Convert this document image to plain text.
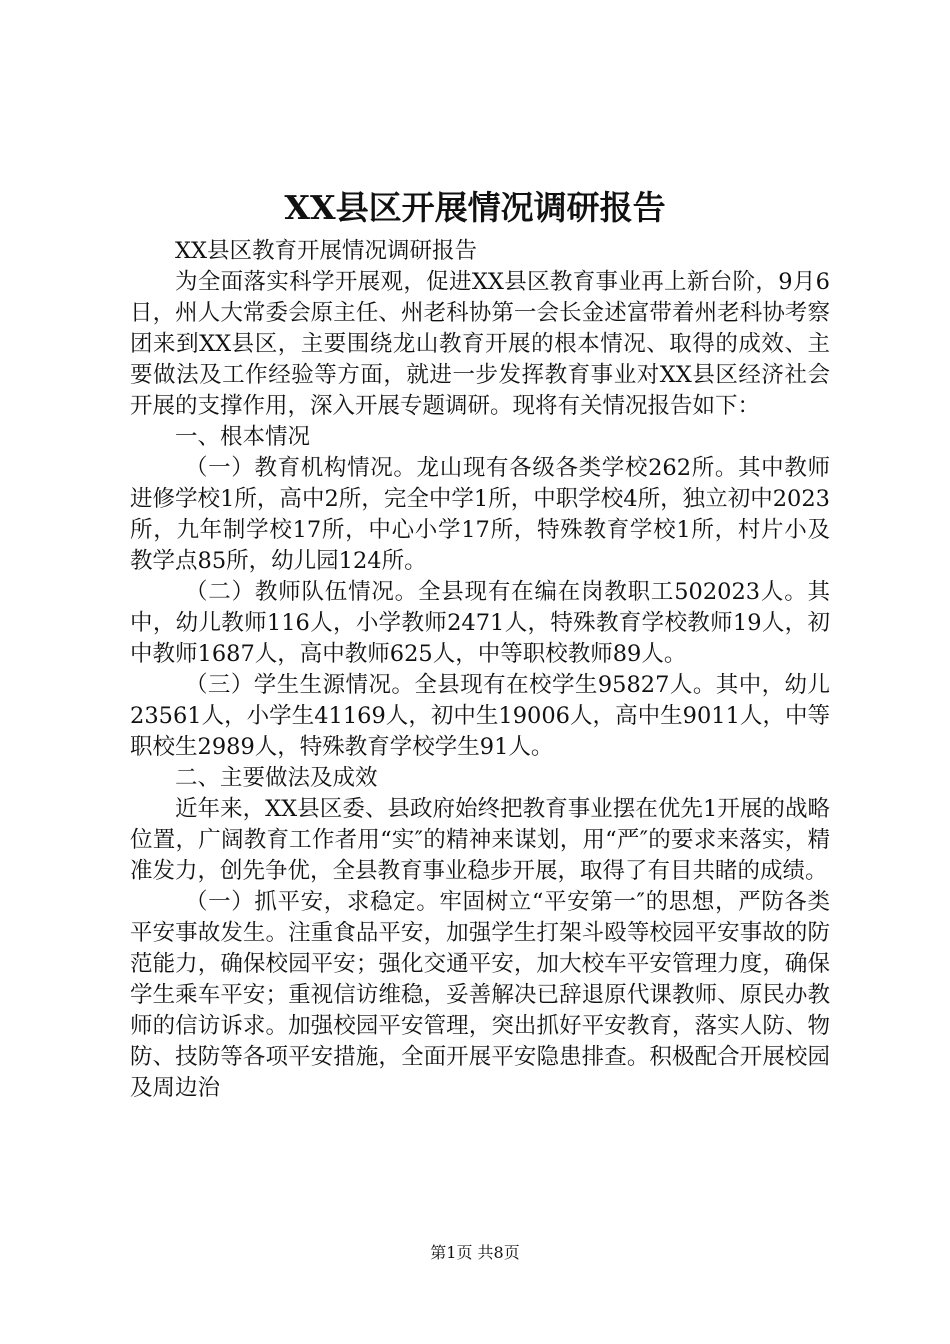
XX县区开展情况调研报告

XX县区教育开展情况调研报告

为全面落实科学开展观，促进XX县区教育事业再上新台阶，9月6日，州人大常委会原主任、州老科协第一会长金述富带着州老科协考察团来到XX县区，主要围绕龙山教育开展的根本情况、取得的成效、主要做法及工作经验等方面，就进一步发挥教育事业对XX县区经济社会开展的支撑作用，深入开展专题调研。现将有关情况报告如下：

一、根本情况

（一）教育机构情况。龙山现有各级各类学校262所。其中教师进修学校1所，高中2所，完全中学1所，中职学校4所，独立初中2023所，九年制学校17所，中心小学17所，特殊教育学校1所，村片小及教学点85所，幼儿园124所。

（二）教师队伍情况。全县现有在编在岗教职工502023人。其中，幼儿教师116人，小学教师2471人，特殊教育学校教师19人，初中教师1687人，高中教师625人，中等职校教师89人。

（三）学生生源情况。全县现有在校学生95827人。其中，幼儿23561人，小学生41169人，初中生19006人，高中生9011人，中等职校生2989人，特殊教育学校学生91人。

二、主要做法及成效

近年来，XX县区委、县政府始终把教育事业摆在优先1开展的战略位置，广阔教育工作者用“实″的精神来谋划，用“严″的要求来落实，精准发力，创先争优，全县教育事业稳步开展，取得了有目共睹的成绩。

（一）抓平安，求稳定。牢固树立“平安第一″的思想，严防各类平安事故发生。注重食品平安，加强学生打架斗殴等校园平安事故的防范能力，确保校园平安；强化交通平安，加大校车平安管理力度，确保学生乘车平安；重视信访维稳，妥善解决已辞退原代课教师、原民办教师的信访诉求。加强校园平安管理，突出抓好平安教育，落实人防、物防、技防等各项平安措施，全面开展平安隐患排查。积极配合开展校园及周边治

第1页 共8页
